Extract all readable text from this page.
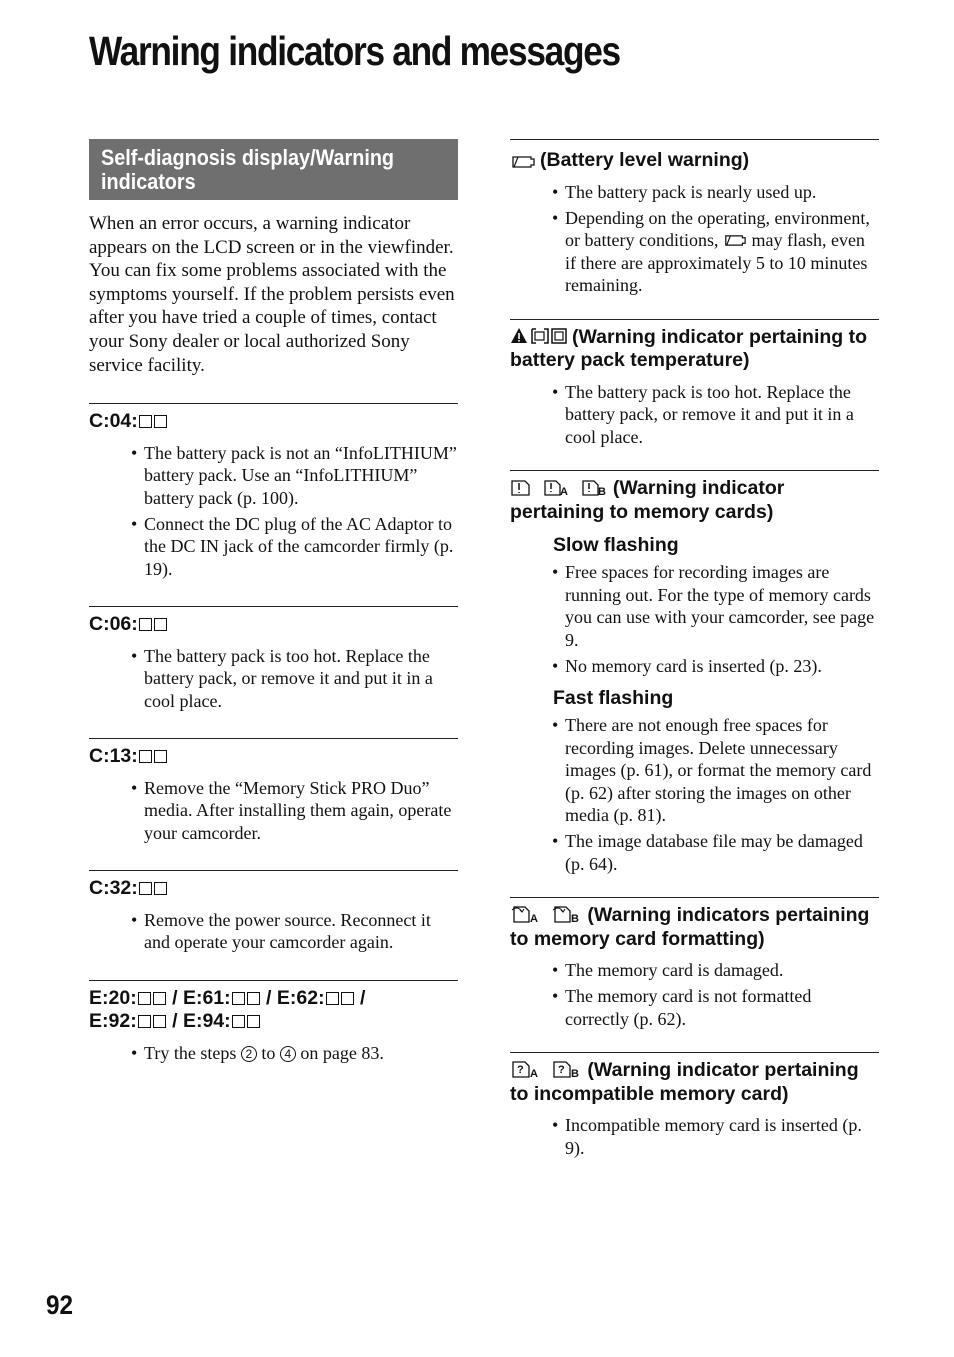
Warning indicators and messages
Self-diagnosis display/Warning indicators

When an error occurs, a warning indicator appears on the LCD screen or in the viewfinder.

You can fix some problems associated with the symptoms yourself. If the problem persists even after you have tried a couple of times, contact your Sony dealer or local authorized Sony service facility.

C:04:
• The battery pack is not an “InfoLITHIUM” battery pack. Use an “InfoLITHIUM” battery pack (p. 100).
• Connect the DC plug of the AC Adaptor to the DC IN jack of the camcorder firmly (p. 19).
C:06:
• The battery pack is too hot. Replace the battery pack, or remove it and put it in a cool place.
C:13:
• Remove the “Memory Stick PRO Duo” media. After installing them again, operate your camcorder.
C:32:
• Remove the power source. Reconnect it and operate your camcorder again.
E:20: / E:61: / E:62: /
E:92: / E:94:
• Try the steps 2 to 4 on page 83.
(Battery level warning)
• The battery pack is nearly used up.
• Depending on the operating, environment, or battery conditions, may flash, even if there are approximately 5 to 10 minutes remaining.
(Warning indicator pertaining to battery pack temperature)
• The battery pack is too hot. Replace the battery pack, or remove it and put it in a cool place.

A
	B (Warning indicator pertaining to memory cards)
Slow flashing
• Free spaces for recording images are running out. For the type of memory cards you can use with your camcorder, see page 9.
• No memory card is inserted (p. 23).
Fast flashing
• There are not enough free spaces for recording images. Delete unnecessary images (p. 61), or format the memory card (p. 62) after storing the images on other media (p. 81).
• The image database file may be damaged (p. 64).
A
	B (Warning indicators pertaining to memory card formatting)
• The memory card is damaged.
• The memory card is not formatted correctly (p. 62).
? A
? B (Warning indicator pertaining to incompatible memory card)
• Incompatible memory card is inserted (p. 9).
92
